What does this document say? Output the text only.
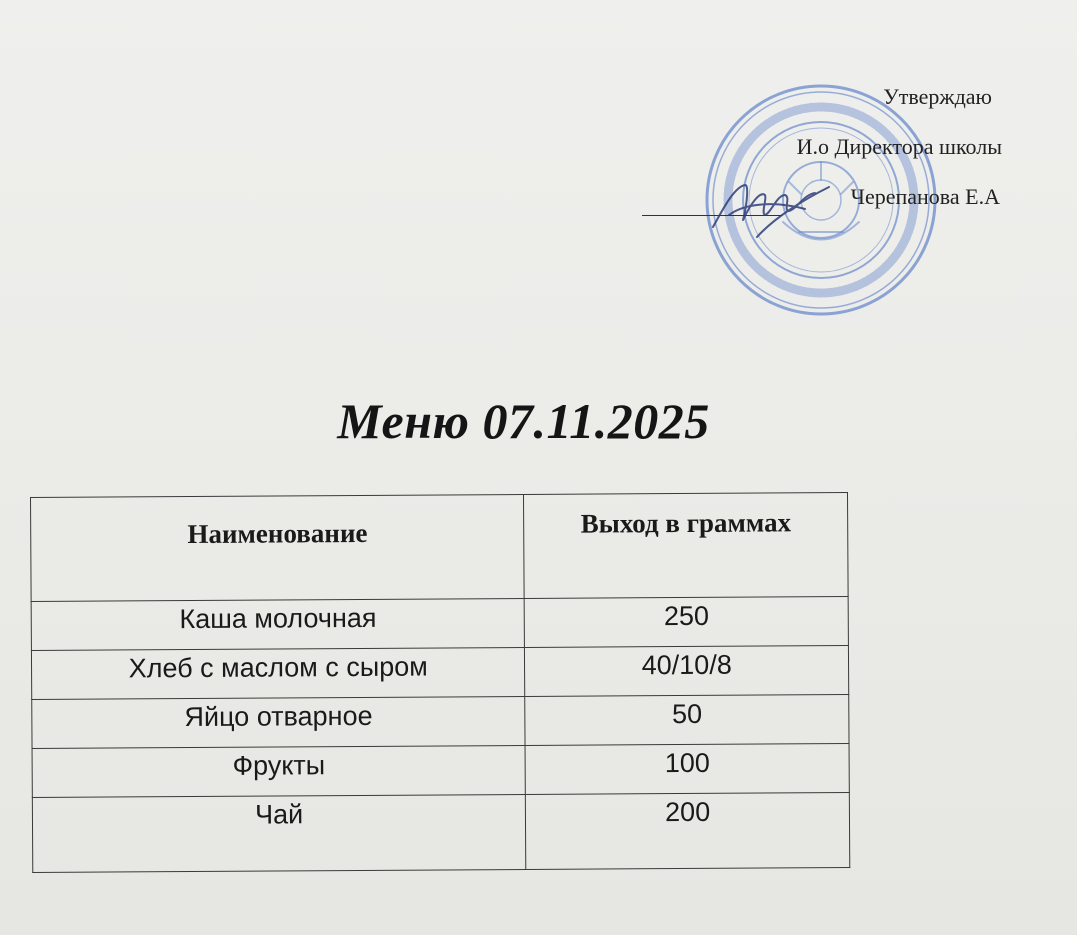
Утверждаю
И.о Директора школы
Черепанова Е.А
Меню 07.11.2025
Наименование	Выход в граммах
Каша молочная	250
Хлеб с маслом с сыром	40/10/8
Яйцо отварное	50
Фрукты	100
Чай	200
